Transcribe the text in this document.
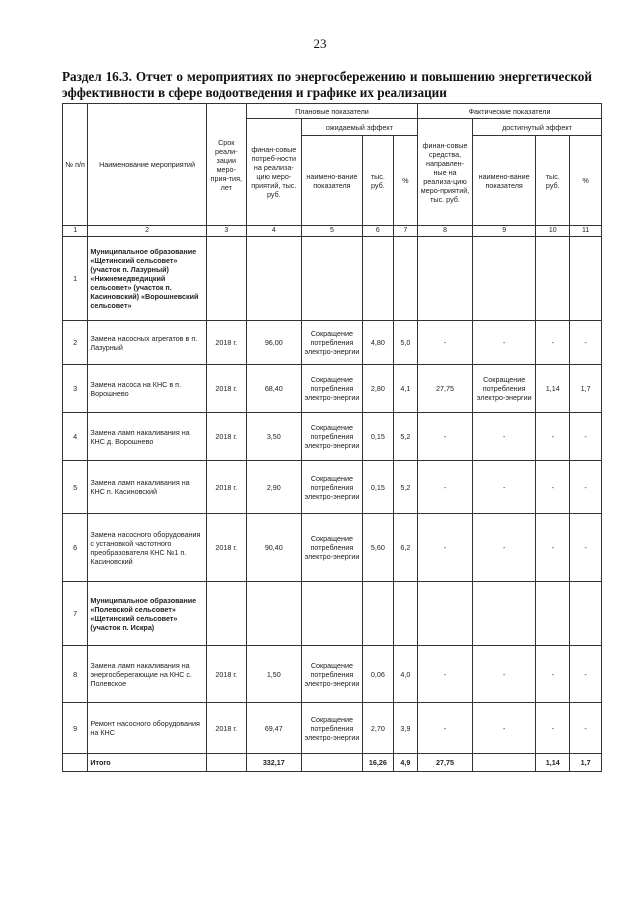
23
Раздел 16.3. Отчет о мероприятиях по энергосбережению и повышению энергетической эффективности в сфере водоотведения и графике их реализации
№ п/п	Наименование мероприятий	Срок реали-зации меро-прия-тия, лет	Плановые показатели				Фактические показатели			
			финан-совые потреб-ности на реализа-цию меро-приятий, тыс. руб.	ожидаемый эффект			финан-совые средства, направлен-ные на реализа-цию меро-приятий, тыс. руб.	достигнутый эффект		
				наимено-вание показателя	тыс. руб.	%		наимено-вание показателя	тыс. руб.	%
1	2	3	4	5	6	7	8	9	10	11
1	Муниципальное образование «Щетинский сельсовет» (участок п. Лазурный) «Нижнемедведицкий сельсовет» (участок п. Касиновский) «Ворошневский сельсовет»									
2	Замена насосных агрегатов в п. Лазурный	2018 г.	96,00	Сокращение потребления электро-энергии	4,80	5,0	-	-	-	-
3	Замена насоса на КНС в п. Ворошнево	2018 г.	68,40	Сокращение потребления электро-энергии	2,80	4,1	27,75	Сокращение потребления электро-энергии	1,14	1,7
4	Замена ламп накаливания на КНС д. Ворошнево	2018 г.	3,50	Сокращение потребления электро-энергии	0,15	5,2	-	-	-	-
5	Замена ламп накаливания на КНС п. Касиновский	2018 г.	2,90	Сокращение потребления электро-энергии	0,15	5,2	-	-	-	-
6	Замена насосного оборудования с установкой частотного преобразователя КНС №1 п. Касиновский	2018 г.	90,40	Сокращение потребления электро-энергии	5,60	6,2	-	-	-	-
7	Муниципальное образование «Полевской сельсовет» «Щетинский сельсовет» (участок п. Искра)									
8	Замена ламп накаливания на энергосберегающие на КНС с. Полевское	2018 г.	1,50	Сокращение потребления электро-энергии	0,06	4,0	-	-	-	-
9	Ремонт насосного оборудования на КНС	2018 г.	69,47	Сокращение потребления электро-энергии	2,70	3,9	-	-	-	-
	Итого		332,17		16,26	4,9	27,75		1,14	1,7
